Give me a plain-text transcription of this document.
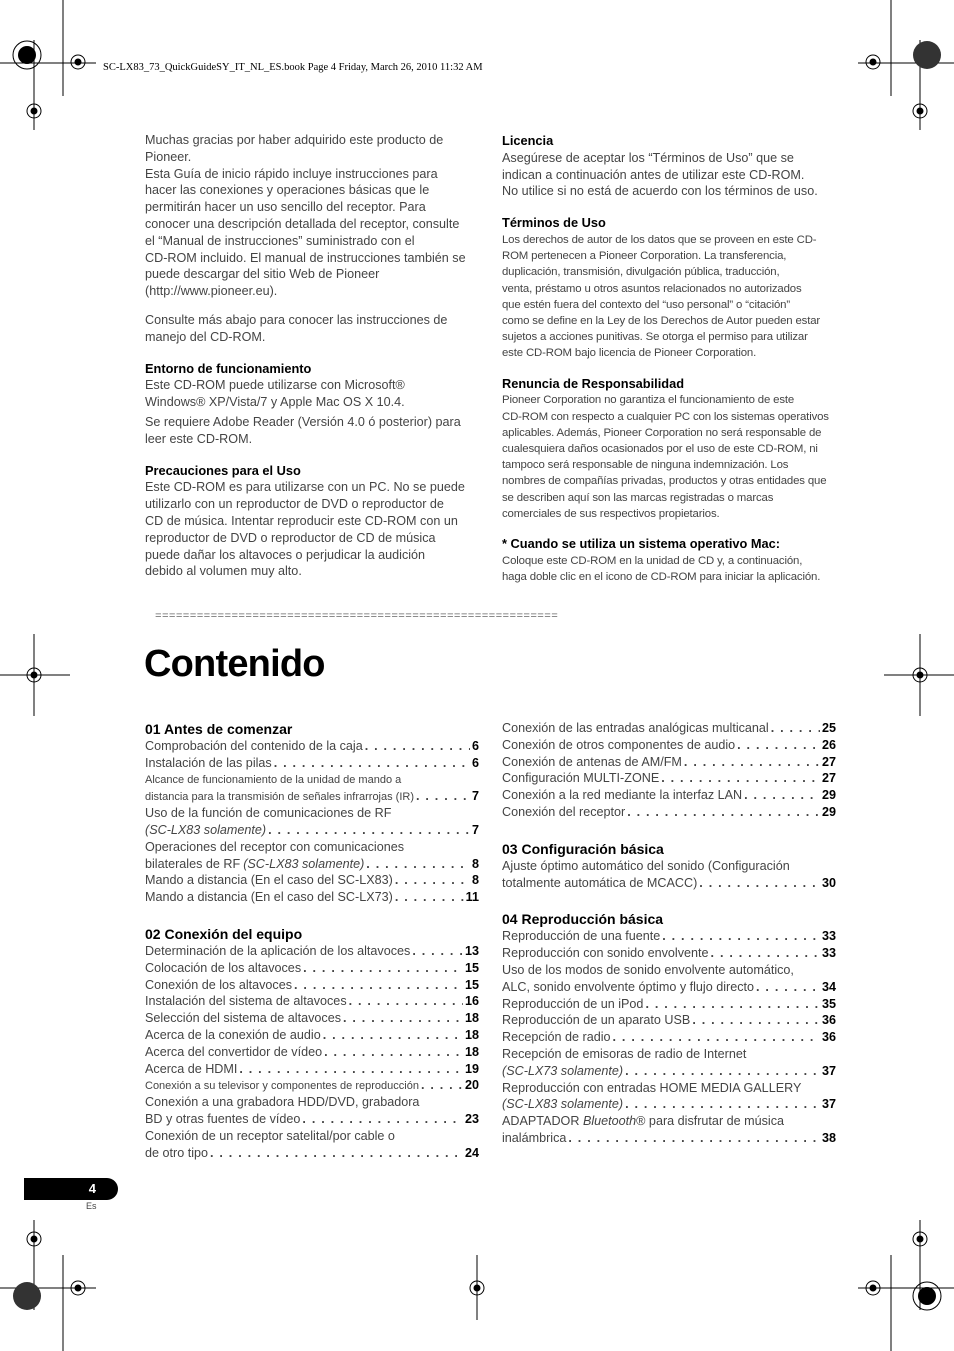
SC-LX83_73_QuickGuideSY_IT_NL_ES.book Page 4 Friday, March 26, 2010 11:32 AM

Muchas gracias por haber adquirido este producto de

Pioneer.

Esta Guía de inicio rápido incluye instrucciones para

hacer las conexiones y operaciones básicas que le

permitirán hacer un uso sencillo del receptor. Para

conocer una descripción detallada del receptor, consulte

el “Manual de instrucciones” suministrado con el

CD-ROM incluido. El manual de instrucciones también se

puede descargar del sitio Web de Pioneer

(http://www.pioneer.eu).

Consulte más abajo para conocer las instrucciones de

manejo del CD-ROM.

Entorno de funcionamiento

Este CD-ROM puede utilizarse con Microsoft®

Windows® XP/Vista/7 y Apple Mac OS X 10.4.

Se requiere Adobe Reader (Versión 4.0 ó posterior) para

leer este CD-ROM.

Precauciones para el Uso

Este CD-ROM es para utilizarse con un PC. No se puede

utilizarlo con un reproductor de DVD o reproductor de

CD de música. Intentar reproducir este CD-ROM con un

reproductor de DVD o reproductor de CD de música

puede dañar los altavoces o perjudicar la audición

debido al volumen muy alto.

Licencia

Asegúrese de aceptar los “Términos de Uso” que se

indican a continuación antes de utilizar este CD-ROM.

No utilice si no está de acuerdo con los términos de uso.

Términos de Uso

Los derechos de autor de los datos que se proveen en este CD-

ROM pertenecen a Pioneer Corporation. La transferencia,

duplicación, transmisión, divulgación pública, traducción,

venta, préstamo u otros asuntos relacionados no autorizados

que estén fuera del contexto del “uso personal” o “citación”

como se define en la Ley de los Derechos de Autor pueden estar

sujetos a acciones punitivas. Se otorga el permiso para utilizar

este CD-ROM bajo licencia de Pioneer Corporation.

Renuncia de Responsabilidad

Pioneer Corporation no garantiza el funcionamiento de este

CD-ROM con respecto a cualquier PC con los sistemas operativos

aplicables. Además, Pioneer Corporation no será responsable de

cualesquiera daños ocasionados por el uso de este CD-ROM, ni

tampoco será responsable de ninguna indemnización. Los

nombres de compañías privadas, productos y otras entidades que

se describen aquí son las marcas registradas o marcas

comerciales de sus respectivos propietarios.

* Cuando se utiliza un sistema operativo Mac:

Coloque este CD-ROM en la unidad de CD y, a continuación,

haga doble clic en el icono de CD-ROM para iniciar la aplicación.

==========================================================
Contenido
01 Antes de comenzar
Comprobación del contenido de la caja . . .	6
Instalación de las pilas . . .	6
Alcance de funcionamiento de la unidad de mando a
distancia para la transmisión de señales infrarrojas (IR) . . .	7
Uso de la función de comunicaciones de RF
(SC-LX83 solamente) . . .	7
Operaciones del receptor con comunicaciones
bilaterales de RF (SC-LX83 solamente) . . .	8
Mando a distancia (En el caso del SC-LX83) . . .	8
Mando a distancia (En el caso del SC-LX73) . . .	11
02 Conexión del equipo
Determinación de la aplicación de los altavoces . . .	13
Colocación de los altavoces . . .	15
Conexión de los altavoces . . .	15
Instalación del sistema de altavoces . . .	16
Selección del sistema de altavoces . . .	18
Acerca de la conexión de audio . . .	18
Acerca del convertidor de vídeo . . .	18
Acerca de HDMI . . .	19
Conexión a su televisor y componentes de reproducción . . .	20
Conexión a una grabadora HDD/DVD, grabadora
BD y otras fuentes de vídeo . . .	23
Conexión de un receptor satelital/por cable o
de otro tipo . . .	24
Conexión de las entradas analógicas multicanal . . .	25
Conexión de otros componentes de audio . . .	26
Conexión de antenas de AM/FM . . .	27
Configuración MULTI-ZONE . . .	27
Conexión a la red mediante la interfaz LAN . . .	29
Conexión del receptor . . .	29
03 Configuración básica
Ajuste óptimo automático del sonido (Configuración
totalmente automática de MCACC) . . .	30
04 Reproducción básica
Reproducción de una fuente . . .	33
Reproducción con sonido envolvente . . .	33
Uso de los modos de sonido envolvente automático,
ALC, sonido envolvente óptimo y flujo directo . . .	34
Reproducción de un iPod . . .	35
Reproducción de un aparato USB . . .	36
Recepción de radio . . .	36
Recepción de emisoras de radio de Internet
(SC-LX73 solamente) . . .	37
Reproducción con entradas HOME MEDIA GALLERY
(SC-LX83 solamente) . . .	37
ADAPTADOR Bluetooth® para disfrutar de música
inalámbrica . . .	38
4
Es
